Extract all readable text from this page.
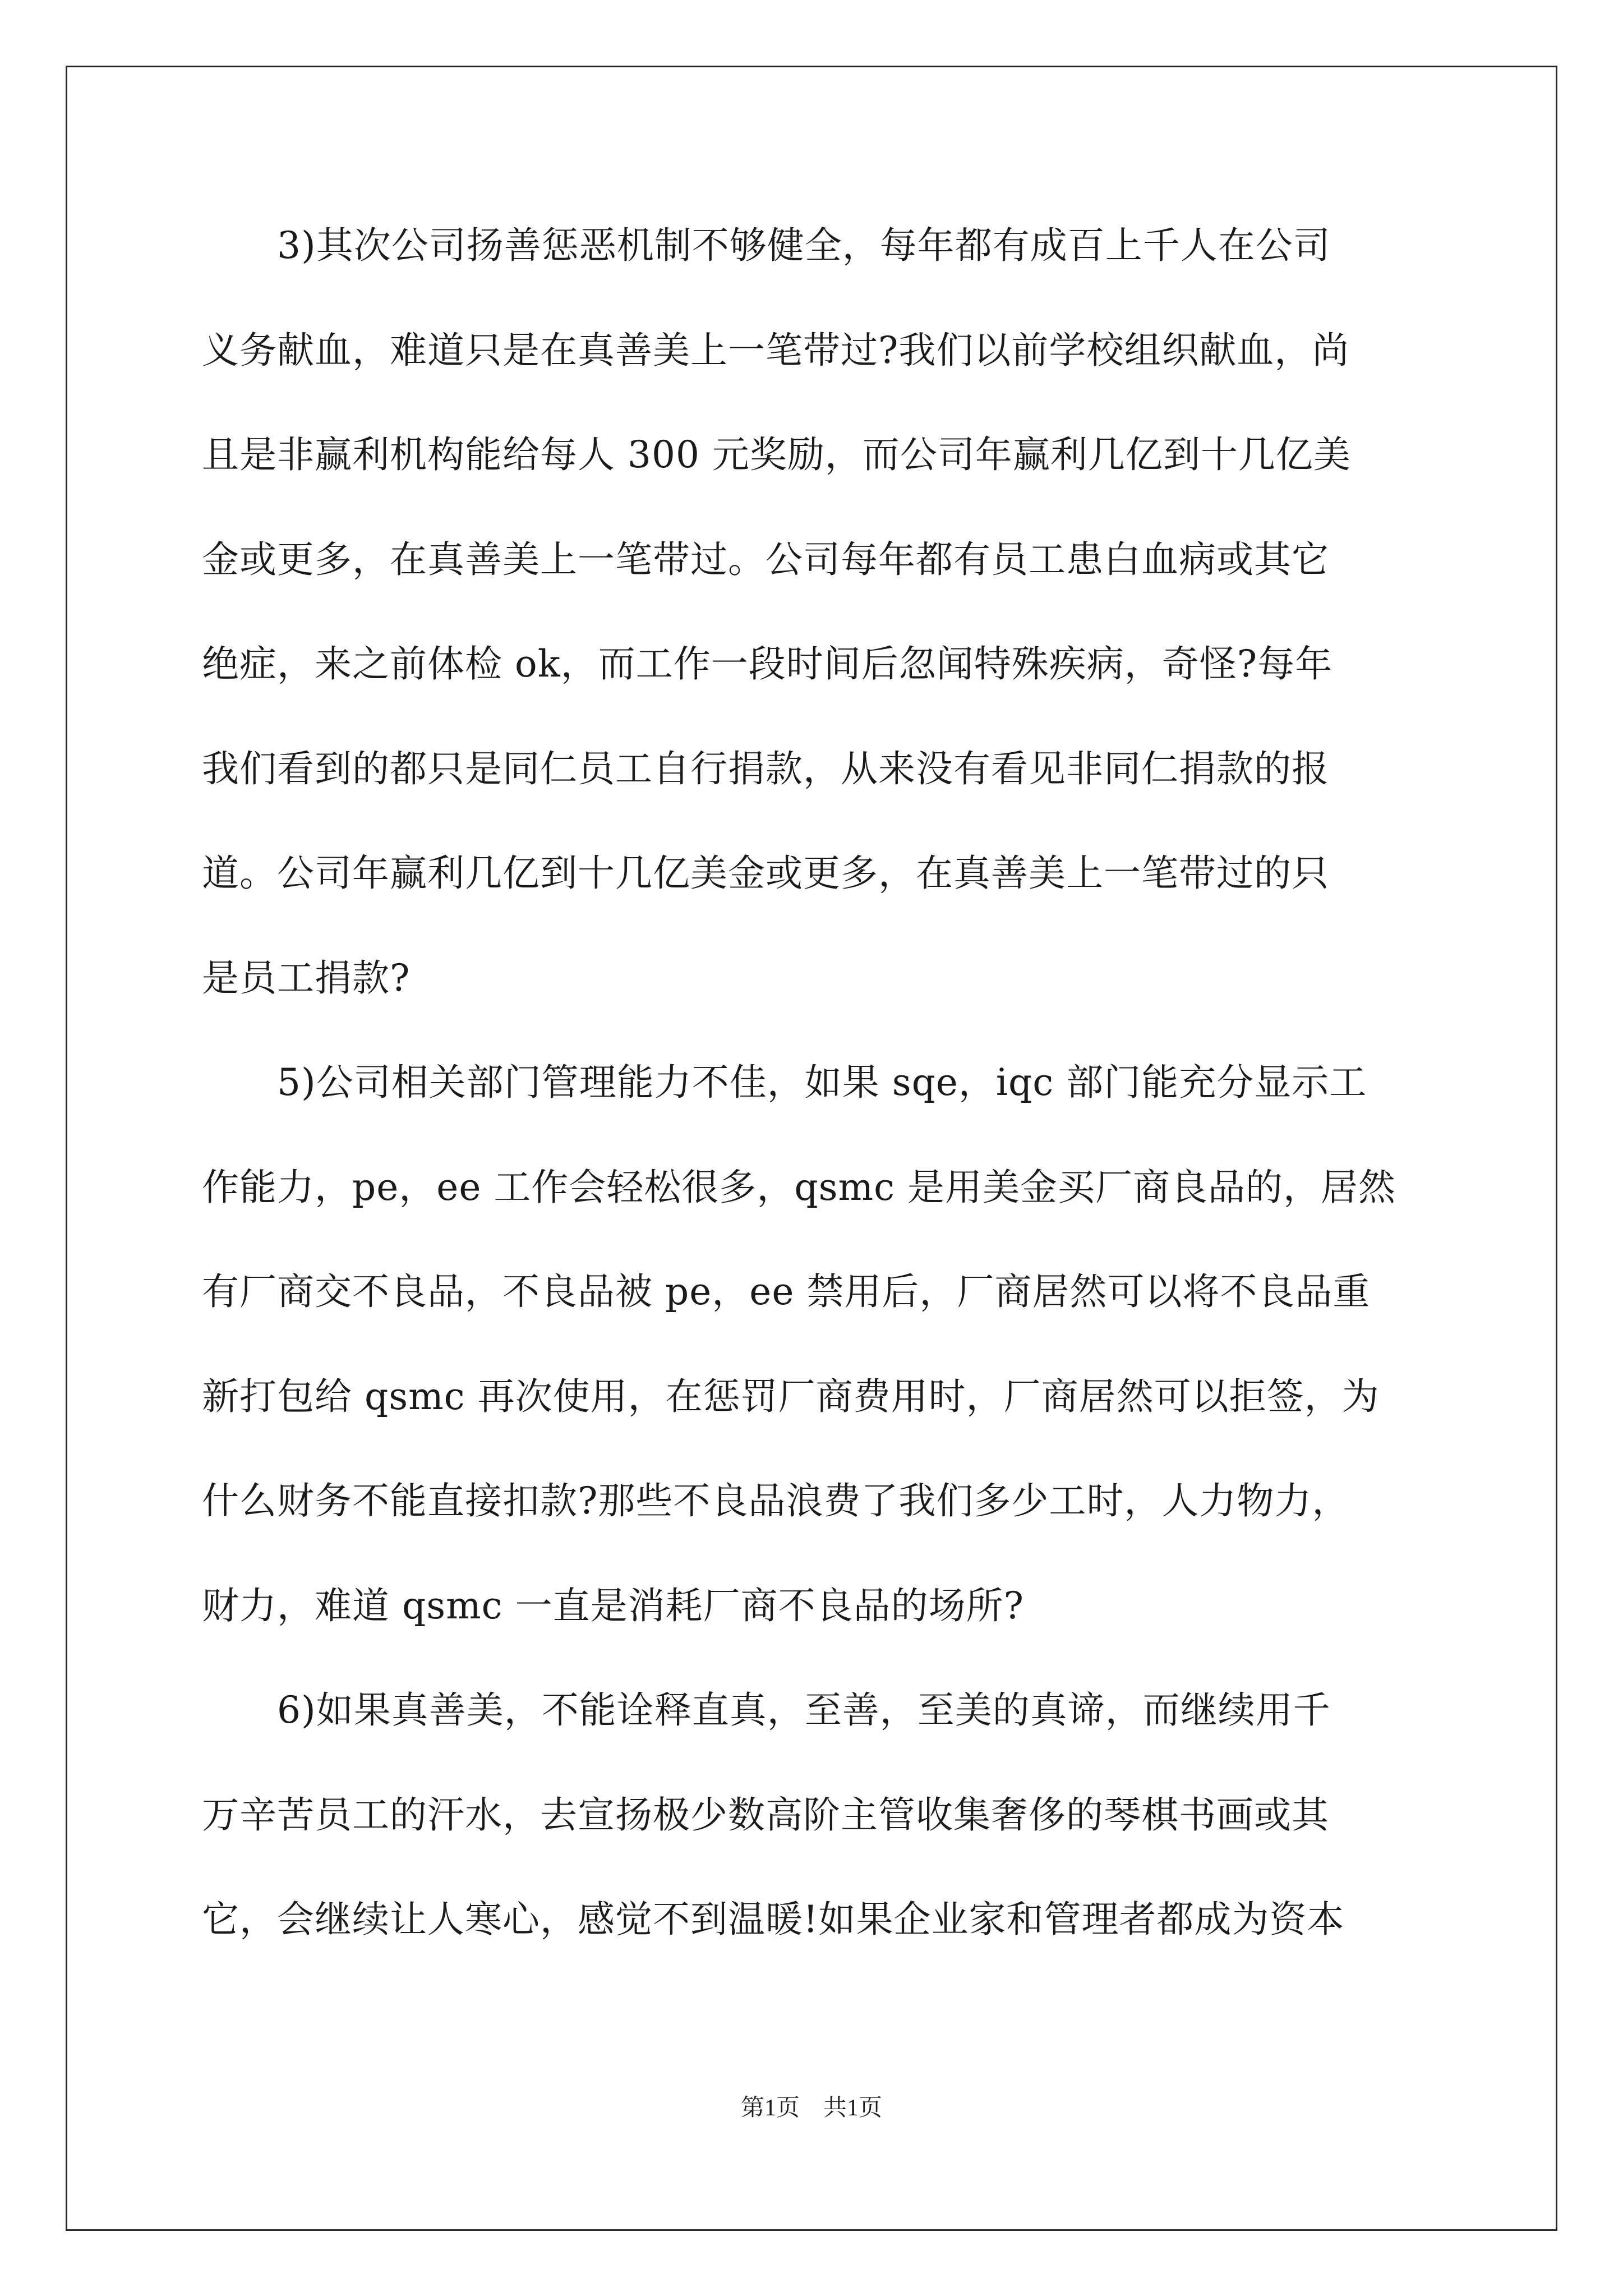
3)其次公司扬善惩恶机制不够健全，每年都有成百上千人在公司
义务献血，难道只是在真善美上一笔带过?我们以前学校组织献血，尚
且是非赢利机构能给每人 300 元奖励，而公司年赢利几亿到十几亿美
金或更多，在真善美上一笔带过。公司每年都有员工患白血病或其它
绝症，来之前体检 ok，而工作一段时间后忽闻特殊疾病，奇怪?每年
我们看到的都只是同仁员工自行捐款，从来没有看见非同仁捐款的报
道。公司年赢利几亿到十几亿美金或更多，在真善美上一笔带过的只
是员工捐款?
5)公司相关部门管理能力不佳，如果 sqe，iqc 部门能充分显示工
作能力，pe，ee 工作会轻松很多，qsmc 是用美金买厂商良品的，居然
有厂商交不良品，不良品被 pe，ee 禁用后，厂商居然可以将不良品重
新打包给 qsmc 再次使用，在惩罚厂商费用时，厂商居然可以拒签，为
什么财务不能直接扣款?那些不良品浪费了我们多少工时，人力物力，
财力，难道 qsmc 一直是消耗厂商不良品的场所?
6)如果真善美，不能诠释直真，至善，至美的真谛，而继续用千
万辛苦员工的汗水，去宣扬极少数高阶主管收集奢侈的琴棋书画或其
它，会继续让人寒心，感觉不到温暖!如果企业家和管理者都成为资本
第1页　共1页
